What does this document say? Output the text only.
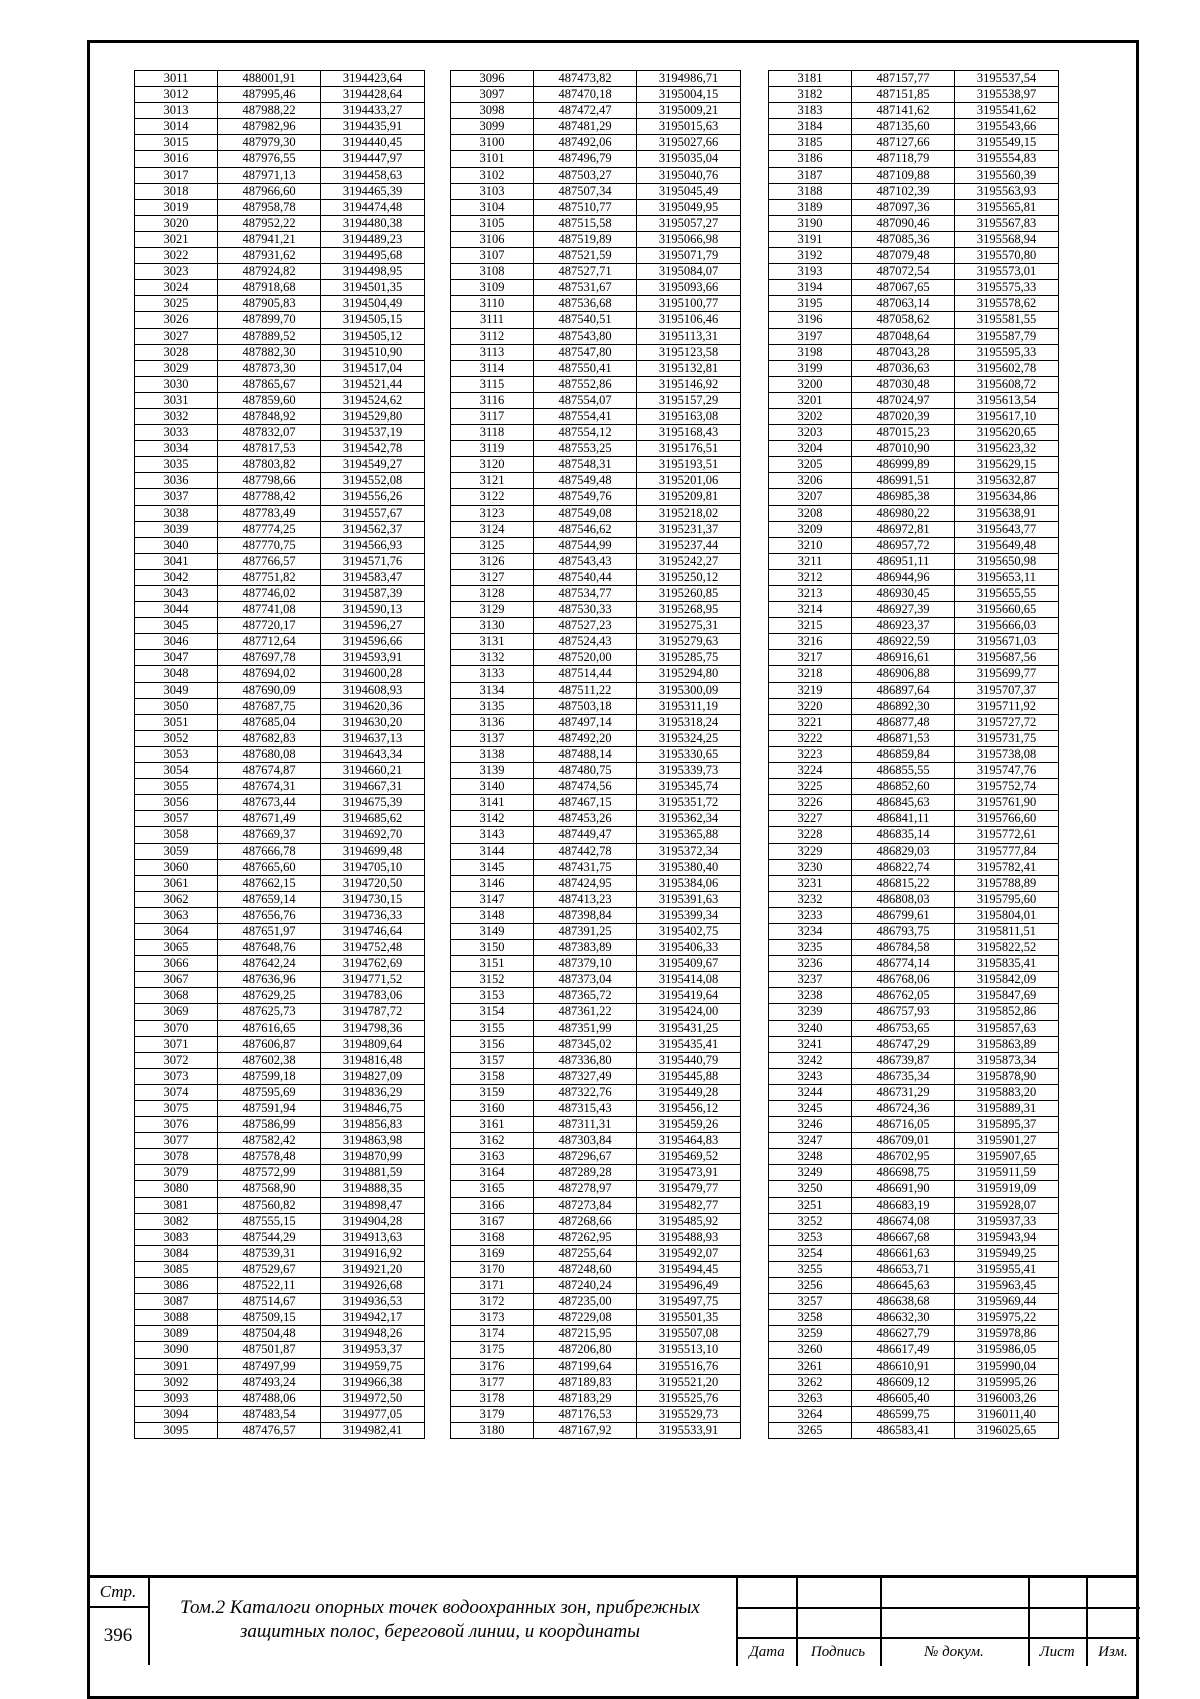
3011	488001,91	3194423,64
3012	487995,46	3194428,64
3013	487988,22	3194433,27
3014	487982,96	3194435,91
3015	487979,30	3194440,45
3016	487976,55	3194447,97
3017	487971,13	3194458,63
3018	487966,60	3194465,39
3019	487958,78	3194474,48
3020	487952,22	3194480,38
3021	487941,21	3194489,23
3022	487931,62	3194495,68
3023	487924,82	3194498,95
3024	487918,68	3194501,35
3025	487905,83	3194504,49
3026	487899,70	3194505,15
3027	487889,52	3194505,12
3028	487882,30	3194510,90
3029	487873,30	3194517,04
3030	487865,67	3194521,44
3031	487859,60	3194524,62
3032	487848,92	3194529,80
3033	487832,07	3194537,19
3034	487817,53	3194542,78
3035	487803,82	3194549,27
3036	487798,66	3194552,08
3037	487788,42	3194556,26
3038	487783,49	3194557,67
3039	487774,25	3194562,37
3040	487770,75	3194566,93
3041	487766,57	3194571,76
3042	487751,82	3194583,47
3043	487746,02	3194587,39
3044	487741,08	3194590,13
3045	487720,17	3194596,27
3046	487712,64	3194596,66
3047	487697,78	3194593,91
3048	487694,02	3194600,28
3049	487690,09	3194608,93
3050	487687,75	3194620,36
3051	487685,04	3194630,20
3052	487682,83	3194637,13
3053	487680,08	3194643,34
3054	487674,87	3194660,21
3055	487674,31	3194667,31
3056	487673,44	3194675,39
3057	487671,49	3194685,62
3058	487669,37	3194692,70
3059	487666,78	3194699,48
3060	487665,60	3194705,10
3061	487662,15	3194720,50
3062	487659,14	3194730,15
3063	487656,76	3194736,33
3064	487651,97	3194746,64
3065	487648,76	3194752,48
3066	487642,24	3194762,69
3067	487636,96	3194771,52
3068	487629,25	3194783,06
3069	487625,73	3194787,72
3070	487616,65	3194798,36
3071	487606,87	3194809,64
3072	487602,38	3194816,48
3073	487599,18	3194827,09
3074	487595,69	3194836,29
3075	487591,94	3194846,75
3076	487586,99	3194856,83
3077	487582,42	3194863,98
3078	487578,48	3194870,99
3079	487572,99	3194881,59
3080	487568,90	3194888,35
3081	487560,82	3194898,47
3082	487555,15	3194904,28
3083	487544,29	3194913,63
3084	487539,31	3194916,92
3085	487529,67	3194921,20
3086	487522,11	3194926,68
3087	487514,67	3194936,53
3088	487509,15	3194942,17
3089	487504,48	3194948,26
3090	487501,87	3194953,37
3091	487497,99	3194959,75
3092	487493,24	3194966,38
3093	487488,06	3194972,50
3094	487483,54	3194977,05
3095	487476,57	3194982,41
3096	487473,82	3194986,71
3097	487470,18	3195004,15
3098	487472,47	3195009,21
3099	487481,29	3195015,63
3100	487492,06	3195027,66
3101	487496,79	3195035,04
3102	487503,27	3195040,76
3103	487507,34	3195045,49
3104	487510,77	3195049,95
3105	487515,58	3195057,27
3106	487519,89	3195066,98
3107	487521,59	3195071,79
3108	487527,71	3195084,07
3109	487531,67	3195093,66
3110	487536,68	3195100,77
3111	487540,51	3195106,46
3112	487543,80	3195113,31
3113	487547,80	3195123,58
3114	487550,41	3195132,81
3115	487552,86	3195146,92
3116	487554,07	3195157,29
3117	487554,41	3195163,08
3118	487554,12	3195168,43
3119	487553,25	3195176,51
3120	487548,31	3195193,51
3121	487549,48	3195201,06
3122	487549,76	3195209,81
3123	487549,08	3195218,02
3124	487546,62	3195231,37
3125	487544,99	3195237,44
3126	487543,43	3195242,27
3127	487540,44	3195250,12
3128	487534,77	3195260,85
3129	487530,33	3195268,95
3130	487527,23	3195275,31
3131	487524,43	3195279,63
3132	487520,00	3195285,75
3133	487514,44	3195294,80
3134	487511,22	3195300,09
3135	487503,18	3195311,19
3136	487497,14	3195318,24
3137	487492,20	3195324,25
3138	487488,14	3195330,65
3139	487480,75	3195339,73
3140	487474,56	3195345,74
3141	487467,15	3195351,72
3142	487453,26	3195362,34
3143	487449,47	3195365,88
3144	487442,78	3195372,34
3145	487431,75	3195380,40
3146	487424,95	3195384,06
3147	487413,23	3195391,63
3148	487398,84	3195399,34
3149	487391,25	3195402,75
3150	487383,89	3195406,33
3151	487379,10	3195409,67
3152	487373,04	3195414,08
3153	487365,72	3195419,64
3154	487361,22	3195424,00
3155	487351,99	3195431,25
3156	487345,02	3195435,41
3157	487336,80	3195440,79
3158	487327,49	3195445,88
3159	487322,76	3195449,28
3160	487315,43	3195456,12
3161	487311,31	3195459,26
3162	487303,84	3195464,83
3163	487296,67	3195469,52
3164	487289,28	3195473,91
3165	487278,97	3195479,77
3166	487273,84	3195482,77
3167	487268,66	3195485,92
3168	487262,95	3195488,93
3169	487255,64	3195492,07
3170	487248,60	3195494,45
3171	487240,24	3195496,49
3172	487235,00	3195497,75
3173	487229,08	3195501,35
3174	487215,95	3195507,08
3175	487206,80	3195513,10
3176	487199,64	3195516,76
3177	487189,83	3195521,20
3178	487183,29	3195525,76
3179	487176,53	3195529,73
3180	487167,92	3195533,91
3181	487157,77	3195537,54
3182	487151,85	3195538,97
3183	487141,62	3195541,62
3184	487135,60	3195543,66
3185	487127,66	3195549,15
3186	487118,79	3195554,83
3187	487109,88	3195560,39
3188	487102,39	3195563,93
3189	487097,36	3195565,81
3190	487090,46	3195567,83
3191	487085,36	3195568,94
3192	487079,48	3195570,80
3193	487072,54	3195573,01
3194	487067,65	3195575,33
3195	487063,14	3195578,62
3196	487058,62	3195581,55
3197	487048,64	3195587,79
3198	487043,28	3195595,33
3199	487036,63	3195602,78
3200	487030,48	3195608,72
3201	487024,97	3195613,54
3202	487020,39	3195617,10
3203	487015,23	3195620,65
3204	487010,90	3195623,32
3205	486999,89	3195629,15
3206	486991,51	3195632,87
3207	486985,38	3195634,86
3208	486980,22	3195638,91
3209	486972,81	3195643,77
3210	486957,72	3195649,48
3211	486951,11	3195650,98
3212	486944,96	3195653,11
3213	486930,45	3195655,55
3214	486927,39	3195660,65
3215	486923,37	3195666,03
3216	486922,59	3195671,03
3217	486916,61	3195687,56
3218	486906,88	3195699,77
3219	486897,64	3195707,37
3220	486892,30	3195711,92
3221	486877,48	3195727,72
3222	486871,53	3195731,75
3223	486859,84	3195738,08
3224	486855,55	3195747,76
3225	486852,60	3195752,74
3226	486845,63	3195761,90
3227	486841,11	3195766,60
3228	486835,14	3195772,61
3229	486829,03	3195777,84
3230	486822,74	3195782,41
3231	486815,22	3195788,89
3232	486808,03	3195795,60
3233	486799,61	3195804,01
3234	486793,75	3195811,51
3235	486784,58	3195822,52
3236	486774,14	3195835,41
3237	486768,06	3195842,09
3238	486762,05	3195847,69
3239	486757,93	3195852,86
3240	486753,65	3195857,63
3241	486747,29	3195863,89
3242	486739,87	3195873,34
3243	486735,34	3195878,90
3244	486731,29	3195883,20
3245	486724,36	3195889,31
3246	486716,05	3195895,37
3247	486709,01	3195901,27
3248	486702,95	3195907,65
3249	486698,75	3195911,59
3250	486691,90	3195919,09
3251	486683,19	3195928,07
3252	486674,08	3195937,33
3253	486667,68	3195943,94
3254	486661,63	3195949,25
3255	486653,71	3195955,41
3256	486645,63	3195963,45
3257	486638,68	3195969,44
3258	486632,30	3195975,22
3259	486627,79	3195978,86
3260	486617,49	3195986,05
3261	486610,91	3195990,04
3262	486609,12	3195995,26
3263	486605,40	3196003,26
3264	486599,75	3196011,40
3265	486583,41	3196025,65
Стр.
396
Том.2 Каталоги опорных точек водоохранных зон, прибрежных
защитных полос, береговой линии, и координаты
Дата	Подпись	№ докум.	Лист	Изм.
